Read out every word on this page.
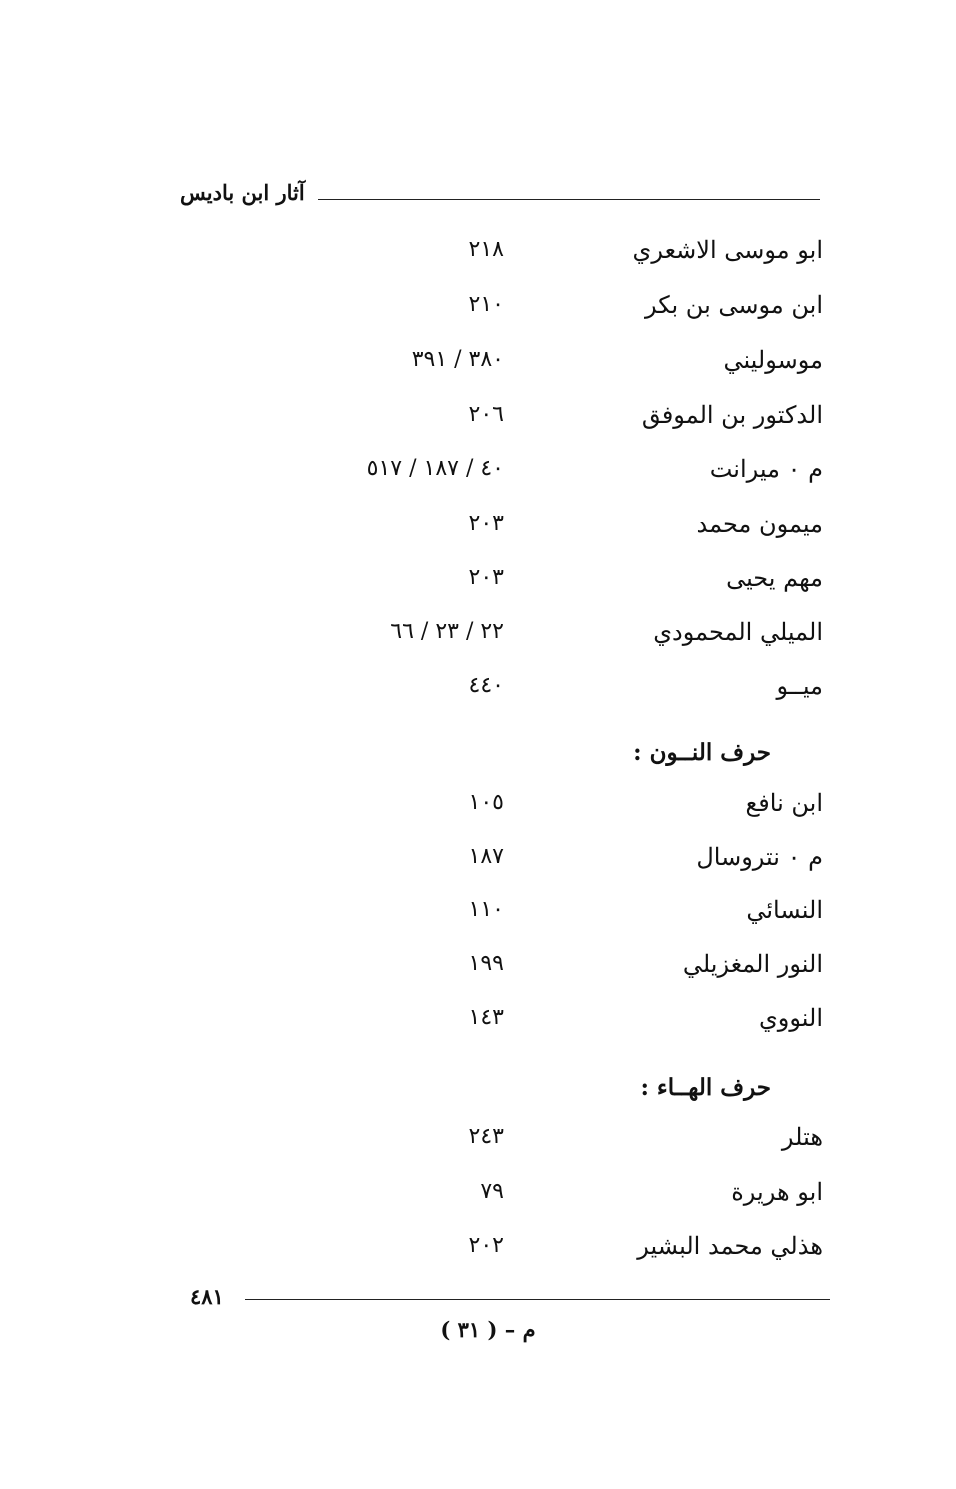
آثار ابن باديس
ابو موسى الاشعري
٢١٨
ابن موسى بن بكر
٢١٠
موسوليني
٣٨٠ / ٣٩١
الدكتور بن الموفق
٢٠٦
م ٠ ميرانت
٤٠ / ١٨٧ / ٥١٧
ميمون محمد
٢٠٣
مهم يحيى
٢٠٣
الميلي المحمودي
٢٢ / ٢٣ / ٦٦
ميــو
٤٤٠
حرف النــون :
ابن نافع
١٠٥
م ٠ نتروسال
١٨٧
النسائي
١١٠
النور المغزيلي
١٩٩
النووي
١٤٣
حرف الهــاء :
هتلر
٢٤٣
ابو هريرة
٧٩
هذلي محمد البشير
٢٠٢
٤٨١
م – ( ٣١ )
